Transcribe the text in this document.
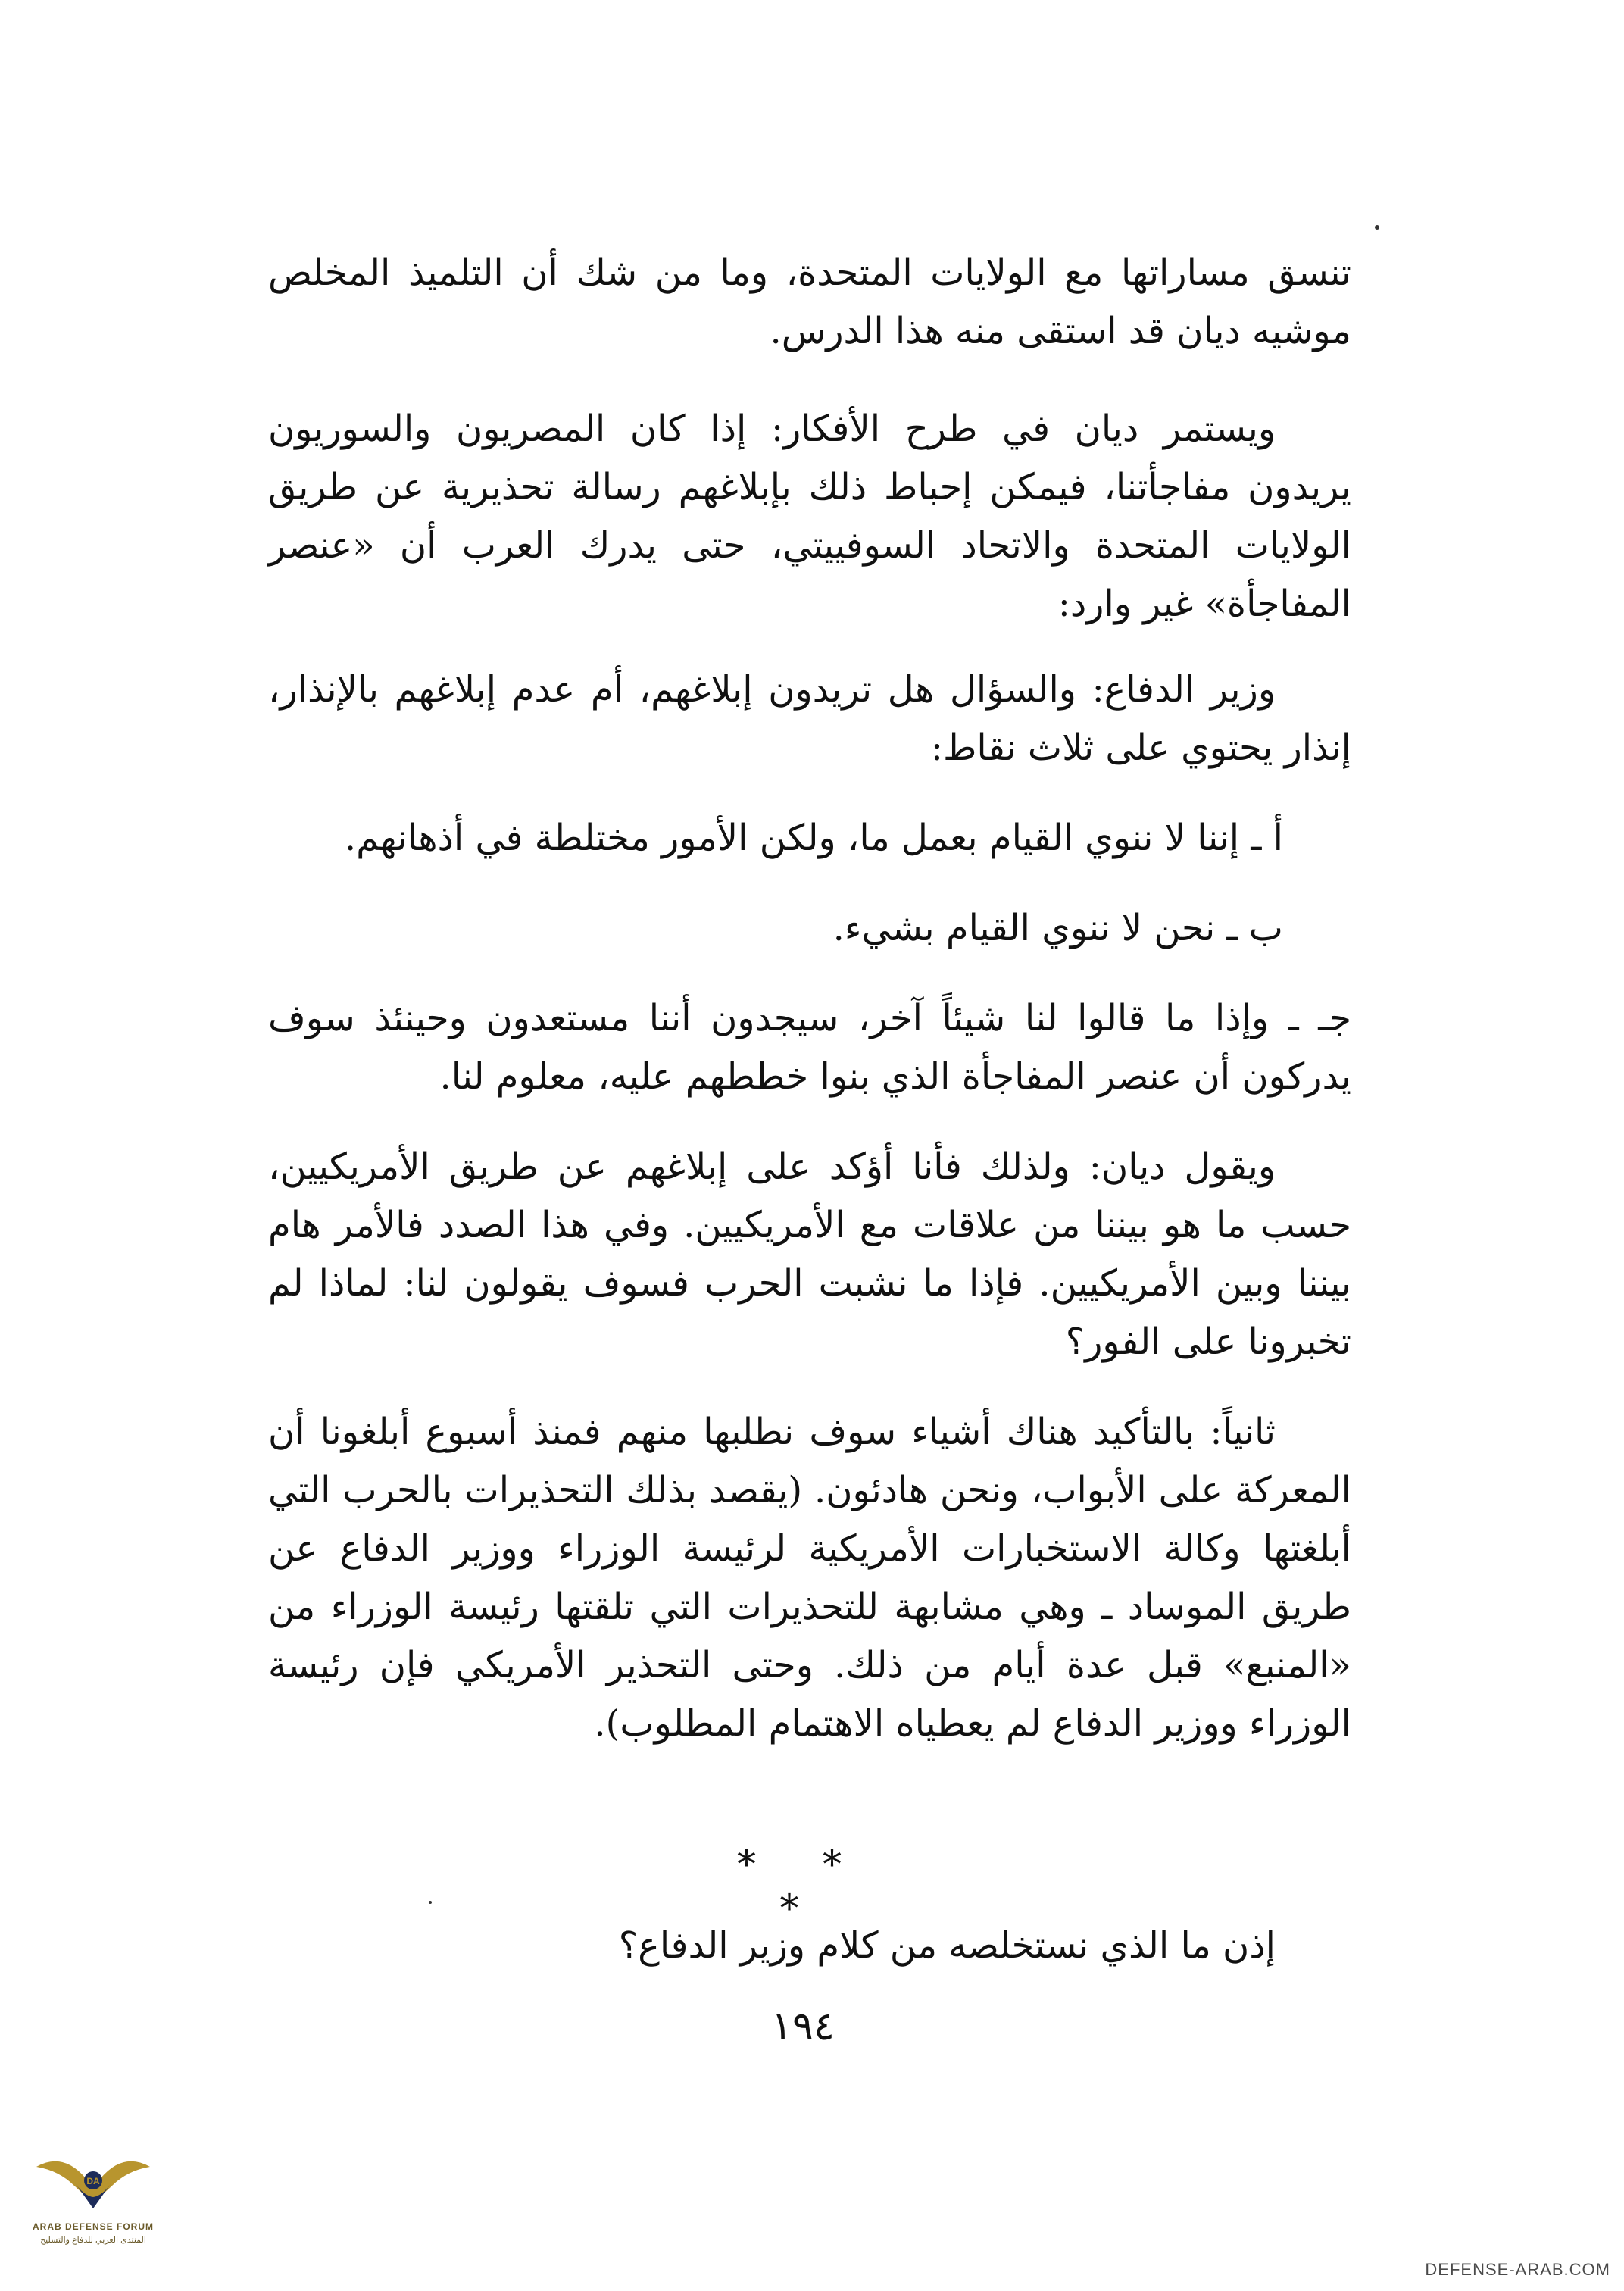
تنسق مساراتها مع الولايات المتحدة، وما من شك أن التلميذ المخلص موشيه ديان قد استقى منه هذا الدرس.

ويستمر ديان في طرح الأفكار: إذا كان المصريون والسوريون يريدون مفاجأتنا، فيمكن إحباط ذلك بإبلاغهم رسالة تحذيرية عن طريق الولايات المتحدة والاتحاد السوفييتي، حتى يدرك العرب أن «عنصر المفاجأة» غير وارد:

وزير الدفاع: والسؤال هل تريدون إبلاغهم، أم عدم إبلاغهم بالإنذار، إنذار يحتوي على ثلاث نقاط:

أ ـ إننا لا ننوي القيام بعمل ما، ولكن الأمور مختلطة في أذهانهم.

ب ـ نحن لا ننوي القيام بشيء.

جـ ـ وإذا ما قالوا لنا شيئاً آخر، سيجدون أننا مستعدون وحينئذ سوف يدركون أن عنصر المفاجأة الذي بنوا خططهم عليه، معلوم لنا.

ويقول ديان: ولذلك فأنا أؤكد على إبلاغهم عن طريق الأمريكيين، حسب ما هو بيننا من علاقات مع الأمريكيين. وفي هذا الصدد فالأمر هام بيننا وبين الأمريكيين. فإذا ما نشبت الحرب فسوف يقولون لنا: لماذا لم تخبرونا على الفور؟

ثانياً: بالتأكيد هناك أشياء سوف نطلبها منهم فمنذ أسبوع أبلغونا أن المعركة على الأبواب، ونحن هادئون. (يقصد بذلك التحذيرات بالحرب التي أبلغتها وكالة الاستخبارات الأمريكية لرئيسة الوزراء ووزير الدفاع عن طريق الموساد ـ وهي مشابهة للتحذيرات التي تلقتها رئيسة الوزراء من «المنبع» قبل عدة أيام من ذلك. وحتى التحذير الأمريكي فإن رئيسة الوزراء ووزير الدفاع لم يعطياه الاهتمام المطلوب).

* * *

إذن ما الذي نستخلصه من كلام وزير الدفاع؟

١٩٤
DA
ARAB DEFENSE FORUM
المنتدى العربي للدفاع والتسليح
DEFENSE-ARAB.COM
